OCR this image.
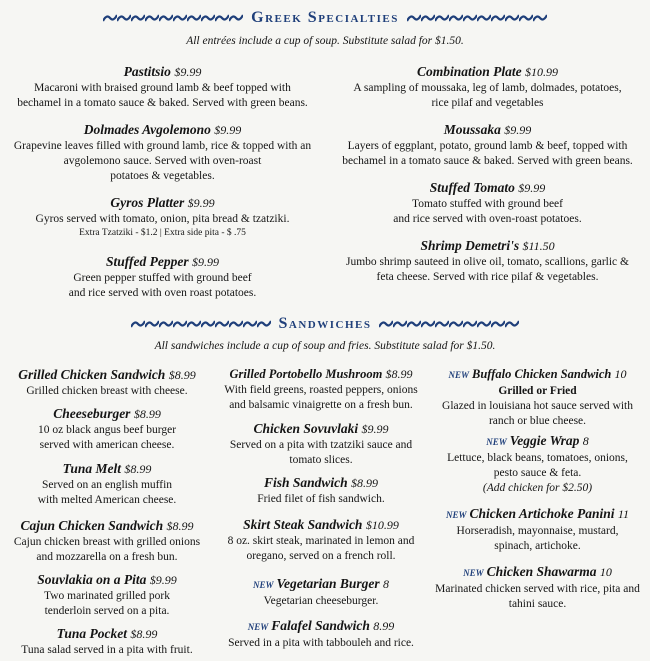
Greek Specialties
All entrées include a cup of soup. Substitute salad for $1.50.
Pastitsio $9.99
Macaroni with braised ground lamb & beef topped with
bechamel in a tomato sauce & baked. Served with green beans.
Dolmades Avgolemono $9.99
Grapevine leaves filled with ground lamb, rice & topped with an
avgolemono sauce. Served with oven-roast
potatoes & vegetables.
Gyros Platter $9.99
Gyros served with tomato, onion, pita bread & tzatziki.
Extra Tzatziki - $1.2 | Extra side pita - $ .75
Stuffed Pepper $9.99
Green pepper stuffed with ground beef
and rice served with oven roast potatoes.
Combination Plate $10.99
A sampling of moussaka, leg of lamb, dolmades, potatoes,
rice pilaf and vegetables
Moussaka $9.99
Layers of eggplant, potato, ground lamb & beef, topped with
bechamel in a tomato sauce & baked. Served with green beans.
Stuffed Tomato $9.99
Tomato stuffed with ground beef
and rice served with oven-roast potatoes.
Shrimp Demetri's $11.50
Jumbo shrimp sauteed in olive oil, tomato, scallions, garlic &
feta cheese. Served with rice pilaf & vegetables.
Sandwiches
All sandwiches include a cup of soup and fries. Substitute salad for $1.50.
Grilled Chicken Sandwich $8.99
Grilled chicken breast with cheese.
Cheeseburger $8.99
10 oz black angus beef burger
served with american cheese.
Tuna Melt $8.99
Served on an english muffin
with melted American cheese.
Cajun Chicken Sandwich $8.99
Cajun chicken breast with grilled onions
and mozzarella on a fresh bun.
Souvlakia on a Pita $9.99
Two marinated grilled pork
tenderloin served on a pita.
Tuna Pocket $8.99
Tuna salad served in a pita with fruit.
Grilled Portobello Mushroom $8.99
With field greens, roasted peppers, onions
and balsamic vinaigrette on a fresh bun.
Chicken Sovuvlaki $9.99
Served on a pita with tzatziki sauce and
tomato slices.
Fish Sandwich $8.99
Fried filet of fish sandwich.
Skirt Steak Sandwich $10.99
8 oz. skirt steak, marinated in lemon and
oregano, served on a french roll.
NEW Vegetarian Burger 8
Vegetarian cheeseburger.
NEW Falafel Sandwich 8.99
Served in a pita with tabbouleh and rice.
NEW Buffalo Chicken Sandwich 10
Grilled or Fried
Glazed in louisiana hot sauce served with
ranch or blue cheese.
NEW Veggie Wrap 8
Lettuce, black beans, tomatoes, onions,
pesto sauce & feta.
(Add chicken for $2.50)
NEW Chicken Artichoke Panini 11
Horseradish, mayonnaise, mustard,
spinach, artichoke.
NEW Chicken Shawarma 10
Marinated chicken served with rice, pita and
tahini sauce.
